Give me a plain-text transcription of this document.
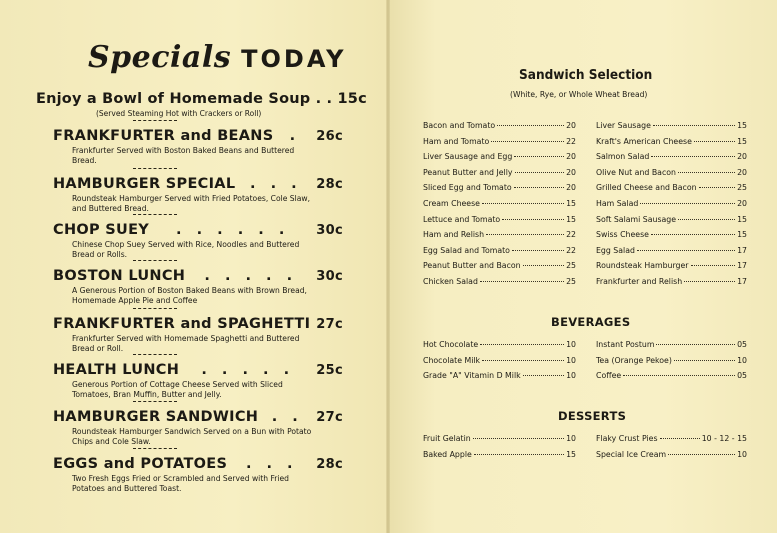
Specials TODAY
Enjoy a Bowl of Homemade Soup . . 15c
(Served Steaming Hot with Crackers or Roll)
FRANKFURTER and BEANS	.	26c
Frankfurter Served with Boston Baked Beans and Buttered Bread.
HAMBURGER SPECIAL	. . .	28c
Roundsteak Hamburger Served with Fried Potatoes, Cole Slaw, and Buttered Bread.
CHOP SUEY	. . . . . .	30c
Chinese Chop Suey Served with Rice, Noodles and Buttered Bread or Rolls.
BOSTON LUNCH	. . . . .	30c
A Generous Portion of Boston Baked Beans with Brown Bread, Homemade Apple Pie and Coffee
FRANKFURTER and SPAGHETTI 27c
Frankfurter Served with Homemade Spaghetti and Buttered Bread or Roll.
HEALTH LUNCH	. . . . .	25c
Generous Portion of Cottage Cheese Served with Sliced Tomatoes, Bran Muffin, Butter and Jelly.
HAMBURGER SANDWICH . .	27c
Roundsteak Hamburger Sandwich Served on a Bun with Potato Chips and Cole Slaw.
EGGS and POTATOES	. . .	28c
Two Fresh Eggs Fried or Scrambled and Served with Fried Potatoes and Buttered Toast.
Sandwich Selection
(White, Rye, or Whole Wheat Bread)
Bacon and Tomato	20
Ham and Tomato	22
Liver Sausage and Egg	20
Peanut Butter and Jelly	20
Sliced Egg and Tomato	20
Cream Cheese	15
Lettuce and Tomato	15
Ham and Relish	22
Egg Salad and Tomato	22
Peanut Butter and Bacon	25
Chicken Salad	25
Liver Sausage	15
Kraft's American Cheese	15
Salmon Salad	20
Olive Nut and Bacon	20
Grilled Cheese and Bacon	25
Ham Salad	20
Soft Salami Sausage	15
Swiss Cheese	15
Egg Salad	17
Roundsteak Hamburger	17
Frankfurter and Relish	17
BEVERAGES
Hot Chocolate	10
Chocolate Milk	10
Grade "A" Vitamin D Milk	10
Instant Postum	05
Tea (Orange Pekoe)	10
Coffee	05
DESSERTS
Fruit Gelatin	10
Baked Apple	15
Flaky Crust Pies	10 - 12 - 15
Special Ice Cream	10
